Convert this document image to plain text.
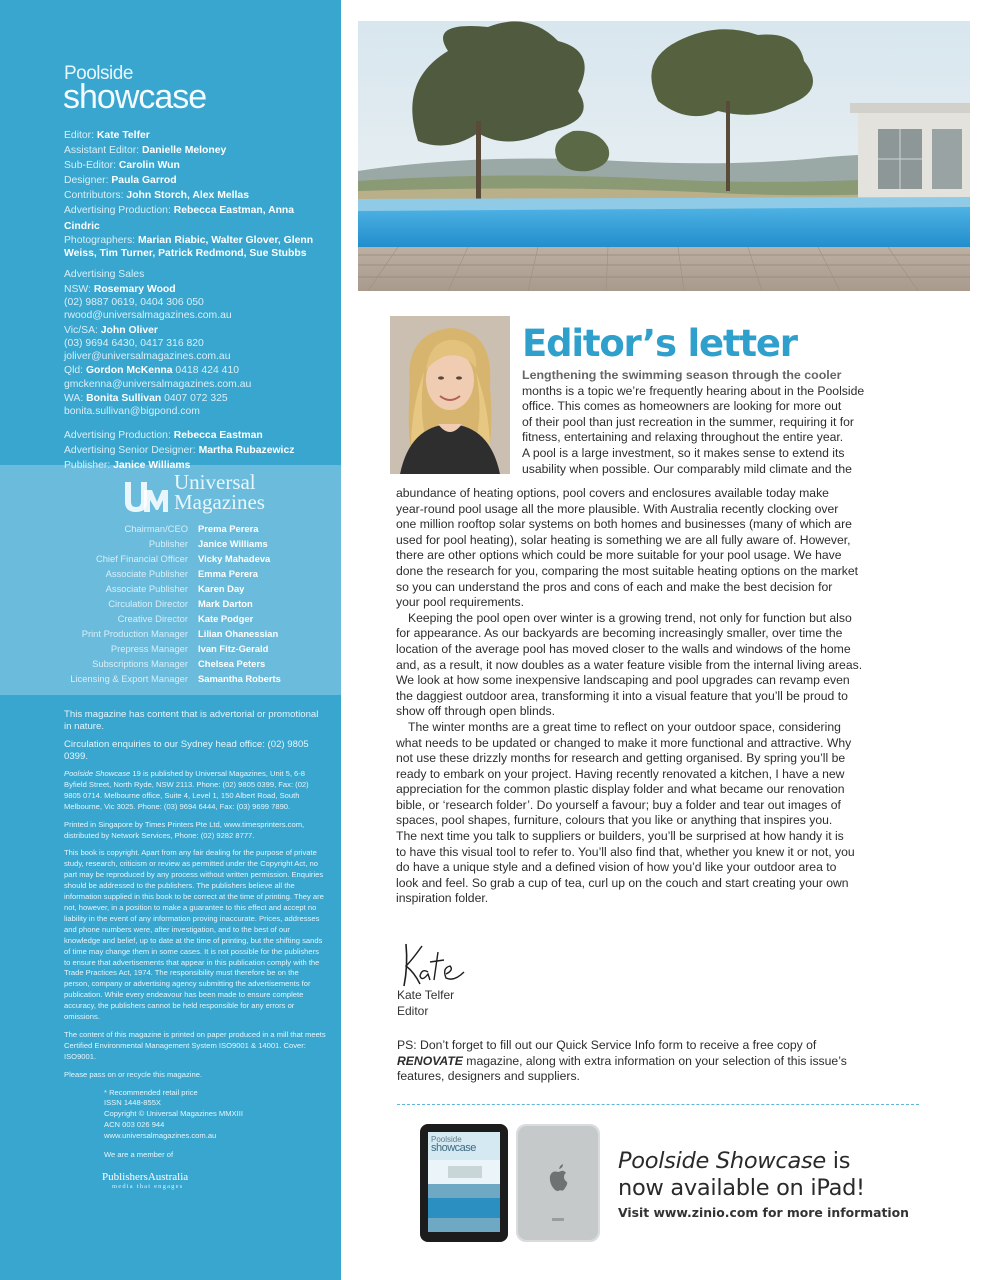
Poolside
showcase
Editor: Kate Telfer
Assistant Editor: Danielle Meloney
Sub-Editor: Carolin Wun
Designer: Paula Garrod
Contributors: John Storch, Alex Mellas
Advertising Production: Rebecca Eastman, Anna Cindric
Photographers: Marian Riabic, Walter Glover, Glenn Weiss, Tim Turner, Patrick Redmond, Sue Stubbs
Advertising Sales
NSW: Rosemary Wood
(02) 9887 0619, 0404 306 050
rwood@universalmagazines.com.au
Vic/SA: John Oliver
(03) 9694 6430, 0417 316 820
joliver@universalmagazines.com.au
Qld: Gordon McKenna 0418 424 410
gmckenna@universalmagazines.com.au
WA: Bonita Sullivan 0407 072 325
bonita.sullivan@bigpond.com
Advertising Production: Rebecca Eastman
Advertising Senior Designer: Martha Rubazewicz
Publisher: Janice Williams
Universal
Magazines
Chairman/CEO	Prema Perera
Publisher	Janice Williams
Chief Financial Officer	Vicky Mahadeva
Associate Publisher	Emma Perera
Associate Publisher	Karen Day
Circulation Director	Mark Darton
Creative Director	Kate Podger
Print Production Manager	Lilian Ohanessian
Prepress Manager	Ivan Fitz-Gerald
Subscriptions Manager	Chelsea Peters
Licensing & Export Manager	Samantha Roberts

This magazine has content that is advertorial or promotional in nature.

Circulation enquiries to our Sydney head office: (02) 9805 0399.

Poolside Showcase 19 is published by Universal Magazines, Unit 5, 6-8 Byfield Street, North Ryde, NSW 2113. Phone: (02) 9805 0399, Fax: (02) 9805 0714. Melbourne office, Suite 4, Level 1, 150 Albert Road, South Melbourne, Vic 3025. Phone: (03) 9694 6444, Fax: (03) 9699 7890.

Printed in Singapore by Times Printers Pte Ltd, www.timesprinters.com, distributed by Network Services, Phone: (02) 9282 8777.

This book is copyright. Apart from any fair dealing for the purpose of private study, research, criticism or review as permitted under the Copyright Act, no part may be reproduced by any process without written permission. Enquiries should be addressed to the publishers. The publishers believe all the information supplied in this book to be correct at the time of printing. They are not, however, in a position to make a guarantee to this effect and accept no liability in the event of any information proving inaccurate. Prices, addresses and phone numbers were, after investigation, and to the best of our knowledge and belief, up to date at the time of printing, but the shifting sands of time may change them in some cases. It is not possible for the publishers to ensure that advertisements that appear in this publication comply with the Trade Practices Act, 1974. The responsibility must therefore be on the person, company or advertising agency submitting the advertisements for publication. While every endeavour has been made to ensure complete accuracy, the publishers cannot be held responsible for any errors or omissions.

The content of this magazine is printed on paper produced in a mill that meets Certified Environmental Management System ISO9001 & 14001. Cover: ISO9001.

Please pass on or recycle this magazine.

* Recommended retail price
ISSN 1448-855X
Copyright © Universal Magazines MMXIII
ACN 003 026 944
www.universalmagazines.com.au
We are a member of
PublishersAustralia
media that engages
Editor’s letter
Lengthening the swimming season through the cooler
months is a topic we’re frequently hearing about in the Poolside
office. This comes as homeowners are looking for more out
of their pool than just recreation in the summer, requiring it for
fitness, entertaining and relaxing throughout the entire year.
A pool is a large investment, so it makes sense to extend its
usability when possible. Our comparably mild climate and the
abundance of heating options, pool covers and enclosures available today make
year-round pool usage all the more plausible. With Australia recently clocking over
one million rooftop solar systems on both homes and businesses (many of which are
used for pool heating), solar heating is something we are all fully aware of. However,
there are other options which could be more suitable for your pool usage. We have
done the research for you, comparing the most suitable heating options on the market
so you can understand the pros and cons of each and make the best decision for
your pool requirements.
Keeping the pool open over winter is a growing trend, not only for function but also
for appearance. As our backyards are becoming increasingly smaller, over time the
location of the average pool has moved closer to the walls and windows of the home
and, as a result, it now doubles as a water feature visible from the internal living areas.
We look at how some inexpensive landscaping and pool upgrades can revamp even
the daggiest outdoor area, transforming it into a visual feature that you’ll be proud to
show off through open blinds.
The winter months are a great time to reflect on your outdoor space, considering
what needs to be updated or changed to make it more functional and attractive. Why
not use these drizzly months for research and getting organised. By spring you’ll be
ready to embark on your project. Having recently renovated a kitchen, I have a new
appreciation for the common plastic display folder and what became our renovation
bible, or ‘research folder’. Do yourself a favour; buy a folder and tear out images of
spaces, pool shapes, furniture, colours that you like or anything that inspires you.
The next time you talk to suppliers or builders, you’ll be surprised at how handy it is
to have this visual tool to refer to. You’ll also find that, whether you knew it or not, you
do have a unique style and a defined vision of how you’d like your outdoor area to
look and feel. So grab a cup of tea, curl up on the couch and start creating your own
inspiration folder.
Kate Telfer
Editor
PS: Don’t forget to fill out our Quick Service Info form to receive a free copy of
RENOVATE magazine, along with extra information on your selection of this issue’s
features, designers and suppliers.
Poolside
showcase	Poolside Showcase is
now available on iPad!
Visit www.zinio.com for more information
